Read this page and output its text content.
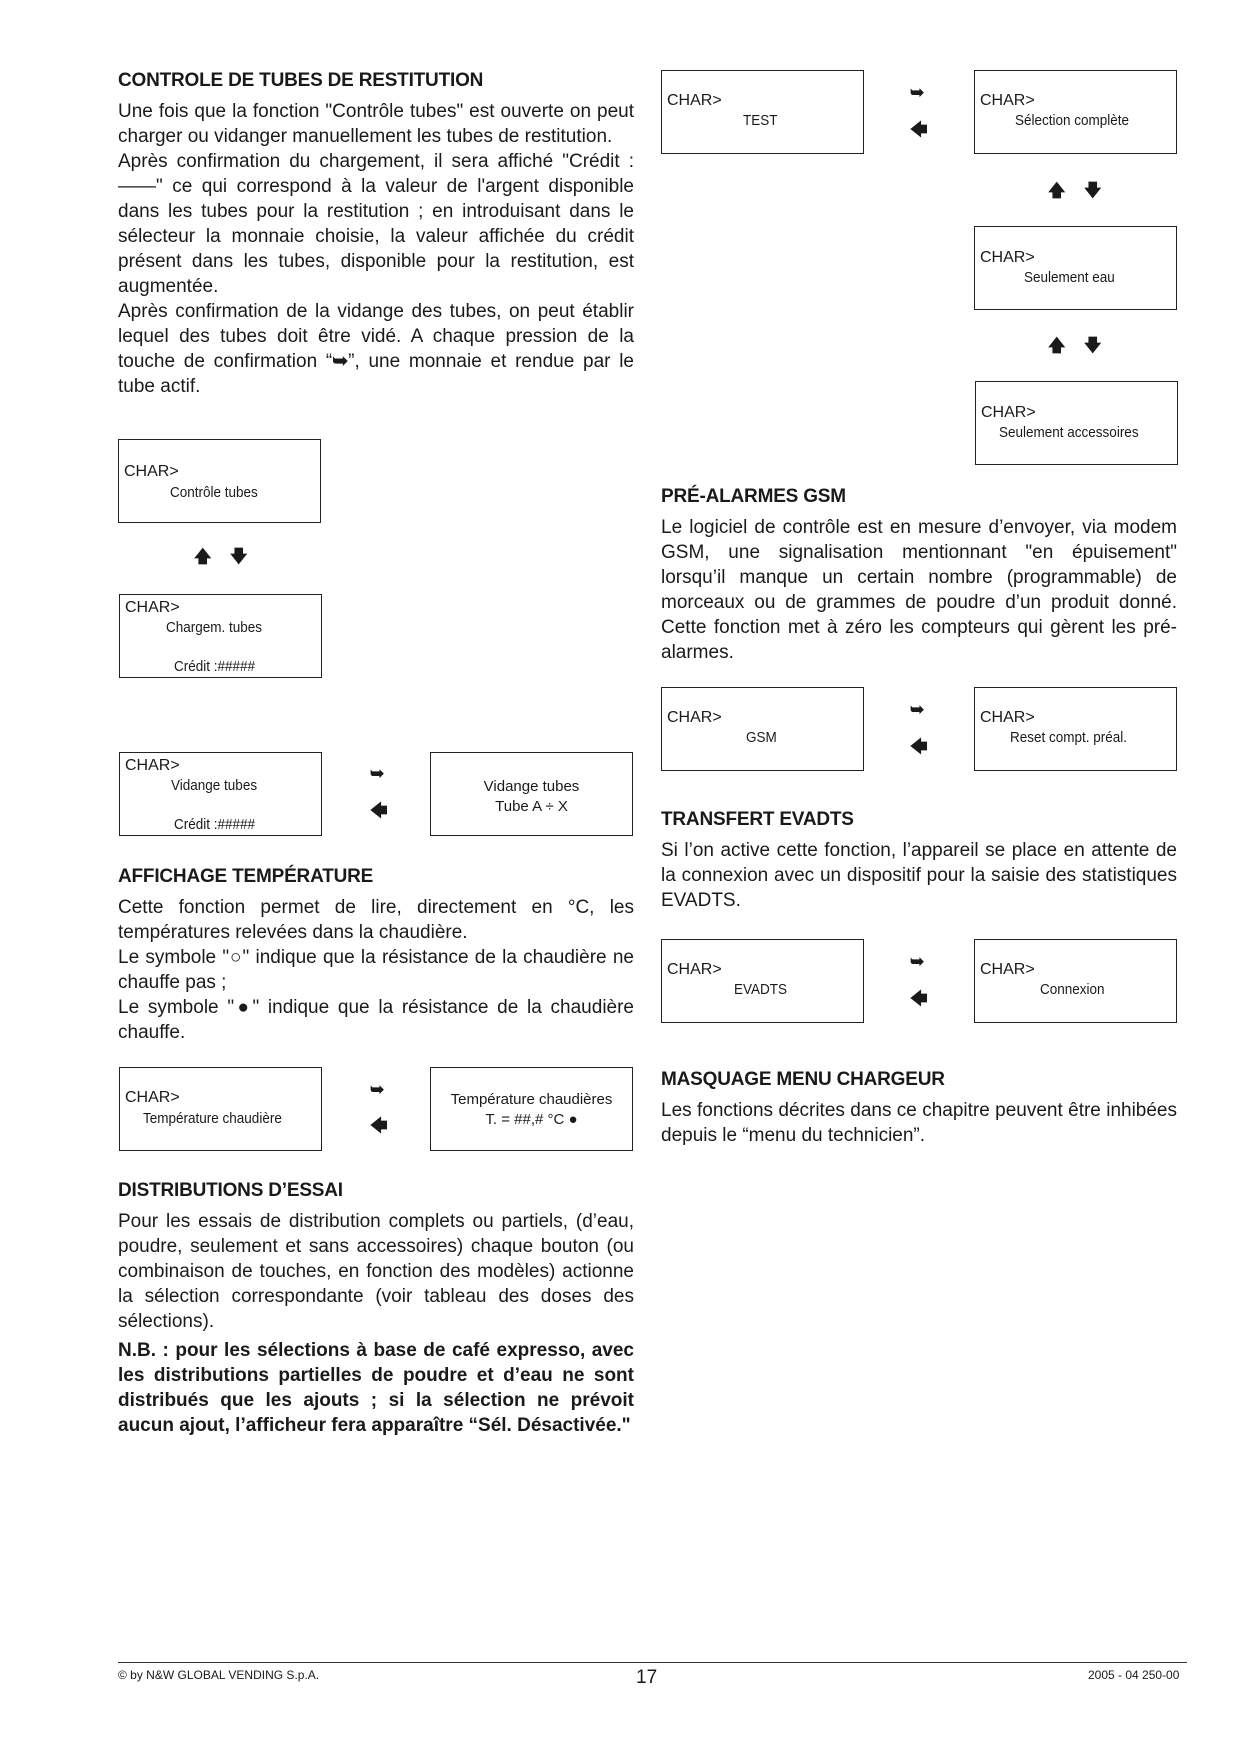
CONTROLE DE TUBES DE RESTITUTION
Une fois que la fonction "Contrôle tubes" est ouverte on peut charger ou vidanger manuellement les tubes de restitution.
Après confirmation du chargement, il sera affiché "Crédit : ——" ce qui correspond à la valeur de l'argent disponible dans les tubes pour la restitution ; en introduisant dans le sélecteur la monnaie choisie, la valeur affichée du crédit présent dans les tubes, disponible pour la restitution, est augmentée.
Après confirmation de la vidange des tubes, on peut établir lequel des tubes doit être vidé. A chaque pression de la touche de confirmation “➥”, une monnaie et rendue par le tube actif.
CHAR>
Contrôle tubes
🡅 🡇
CHAR>
Chargem. tubes
Crédit :#####
CHAR>
Vidange tubes
Crédit :#####
➥
🡄
Vidange tubes
Tube A ÷ X
AFFICHAGE TEMPÉRATURE
Cette fonction permet de lire, directement en °C, les températures relevées dans la chaudière.
Le symbole "○" indique que la résistance de la chaudière ne chauffe pas ;
Le symbole "●" indique que la résistance de la chaudière chauffe.
CHAR>
Température chaudière
➥
🡄
Température chaudières
T. = ##,# °C ●
DISTRIBUTIONS D’ESSAI
Pour les essais de distribution complets ou partiels, (d’eau, poudre, seulement et sans accessoires) chaque bouton (ou combinaison de touches, en fonction des modèles) actionne la sélection correspondante (voir tableau des doses des sélections).
N.B. : pour les sélections à base de café expresso, avec les distributions partielles de poudre et d’eau ne sont distribués que les ajouts ; si la sélection ne prévoit aucun ajout, l’afficheur fera apparaître “Sél. Désactivée."
CHAR>
TEST
➥
🡄
CHAR>
Sélection complète
🡅 🡇
CHAR>
Seulement eau
🡅 🡇
CHAR>
Seulement accessoires
PRÉ-ALARMES GSM
Le logiciel de contrôle est en mesure d’envoyer, via modem GSM, une signalisation mentionnant "en épuisement" lorsqu’il manque un certain nombre (programmable) de morceaux ou de grammes de poudre d’un produit donné. Cette fonction met à zéro les compteurs qui gèrent les pré-alarmes.
CHAR>
GSM
➥
🡄
CHAR>
Reset compt. préal.
TRANSFERT EVADTS
Si l’on active cette fonction, l’appareil se place en attente de la connexion avec un dispositif pour la saisie des statistiques EVADTS.
CHAR>
EVADTS
➥
🡄
CHAR>
Connexion
MASQUAGE MENU CHARGEUR
Les fonctions décrites dans ce chapitre peuvent être inhibées depuis le “menu du technicien”.
© by N&W GLOBAL VENDING S.p.A.	17	2005 - 04 250-00
